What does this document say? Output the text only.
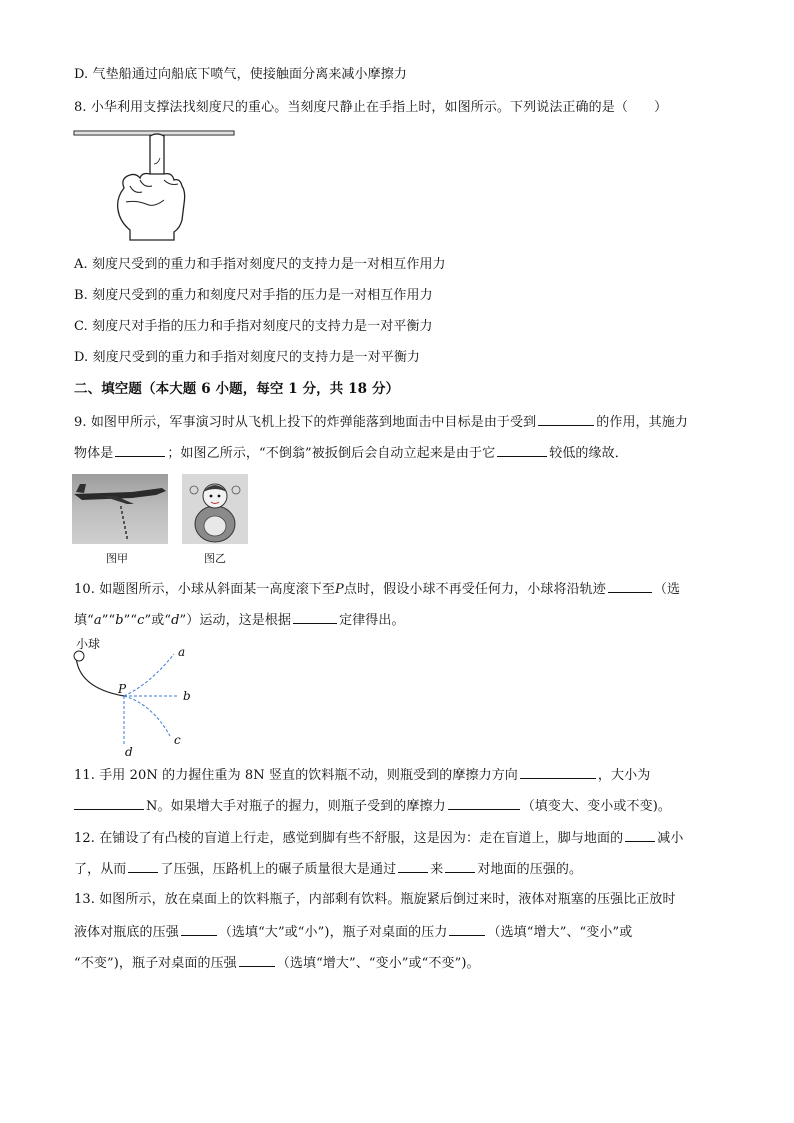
D. 气垫船通过向船底下喷气，使接触面分离来减小摩擦力
8. 小华利用支撑法找刻度尺的重心。当刻度尺静止在手指上时，如图所示。下列说法正确的是（　　）
A. 刻度尺受到的重力和手指对刻度尺的支持力是一对相互作用力
B. 刻度尺受到的重力和刻度尺对手指的压力是一对相互作用力
C. 刻度尺对手指的压力和手指对刻度尺的支持力是一对平衡力
D. 刻度尺受到的重力和手指对刻度尺的支持力是一对平衡力
二、填空题（本大题 6 小题，每空 1 分，共 18 分）
9. 如图甲所示，军事演习时从飞机上投下的炸弹能落到地面击中目标是由于受到	的作用，其施力
物体是	；如图乙所示，“不倒翁”被扳倒后会自动立起来是由于它	较低的缘故．
图甲	图乙
10. 如题图所示，小球从斜面某一高度滚下至P点时，假设小球不再受任何力，小球将沿轨迹	（选
填“a”“b”“c”或“d”）运动，这是根据	定律得出。
小球
P
a
b
c
d
11. 手用 20N 的力握住重为 8N 竖直的饮料瓶不动，则瓶受到的摩擦力方向	，大小为
N。如果增大手对瓶子的握力，则瓶子受到的摩擦力	（填变大、变小或不变)。
12. 在铺设了有凸棱的盲道上行走，感觉到脚有些不舒服，这是因为：走在盲道上，脚与地面的	减小
了，从而	了压强，压路机上的碾子质量很大是通过	来	对地面的压强的。
13. 如图所示，放在桌面上的饮料瓶子，内部剩有饮料。瓶旋紧后倒过来时，液体对瓶塞的压强比正放时
液体对瓶底的压强	（选填“大”或“小”)，瓶子对桌面的压力	（选填“增大”、“变小”或
“不变”)，瓶子对桌面的压强	（选填“增大”、“变小”或“不变”)。
